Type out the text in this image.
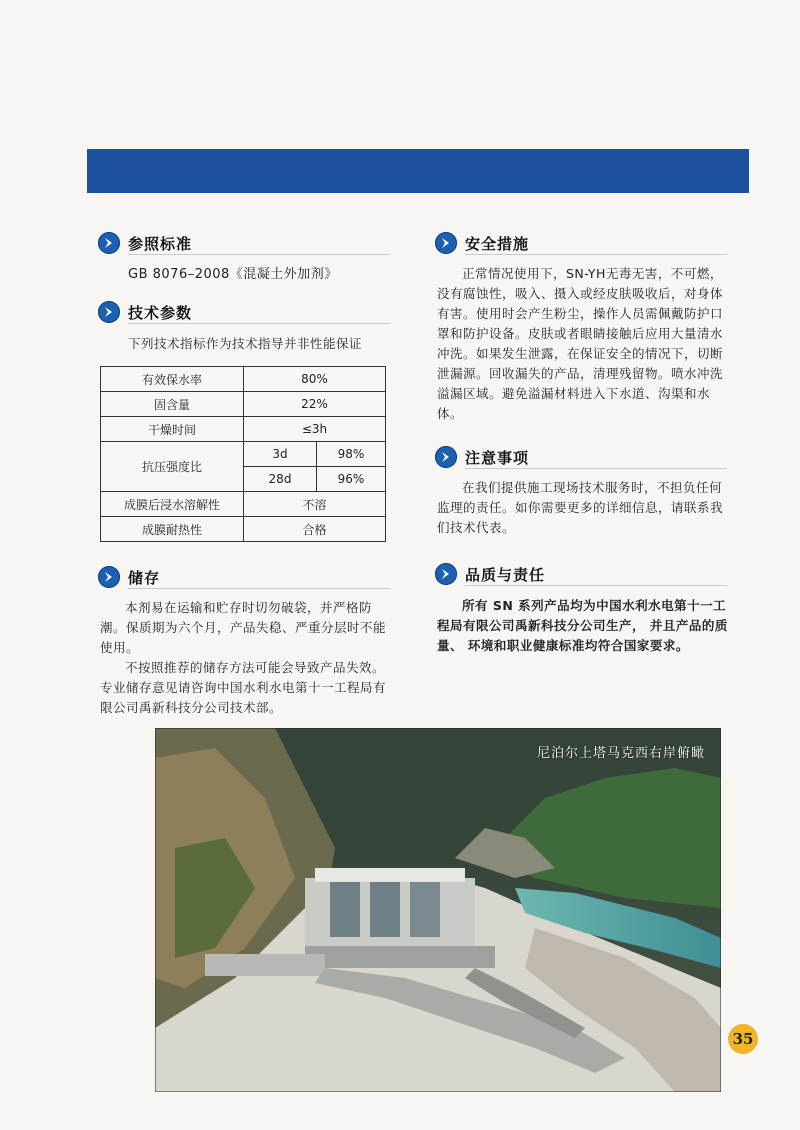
参照标准
GB 8076–2008《混凝土外加剂》
技术参数
下列技术指标作为技术指导并非性能保证
有效保水率	80%	
固含量	22%	
干燥时间	≤3h	
抗压强度比	3d	98%
	28d	96%
成膜后浸水溶解性	不溶	
成膜耐热性	合格	
储存

本剂易在运输和贮存时切勿破袋，并严格防潮。保质期为六个月，产品失稳、严重分层时不能使用。

不按照推荐的储存方法可能会导致产品失效。 专业储存意见请咨询中国水利水电第十一工程局有限公司禹新科技分公司技术部。

安全措施

正常情况使用下，SN-YH无毒无害，不可燃，没有腐蚀性，吸入、摄入或经皮肤吸收后，对身体有害。使用时会产生粉尘，操作人员需佩戴防护口罩和防护设备。皮肤或者眼睛接触后应用大量清水冲洗。如果发生泄露，在保证安全的情况下，切断泄漏源。回收漏失的产品，清理残留物。喷水冲洗溢漏区域。避免溢漏材料进入下水道、沟渠和水体。

注意事项

在我们提供施工现场技术服务时，不担负任何监理的责任。如你需要更多的详细信息，请联系我们技术代表。

品质与责任

所有 SN 系列产品均为中国水利水电第十一工程局有限公司禹新科技分公司生产， 并且产品的质量、 环境和职业健康标准均符合国家要求。

尼泊尔上塔马克西右岸俯瞰
35
